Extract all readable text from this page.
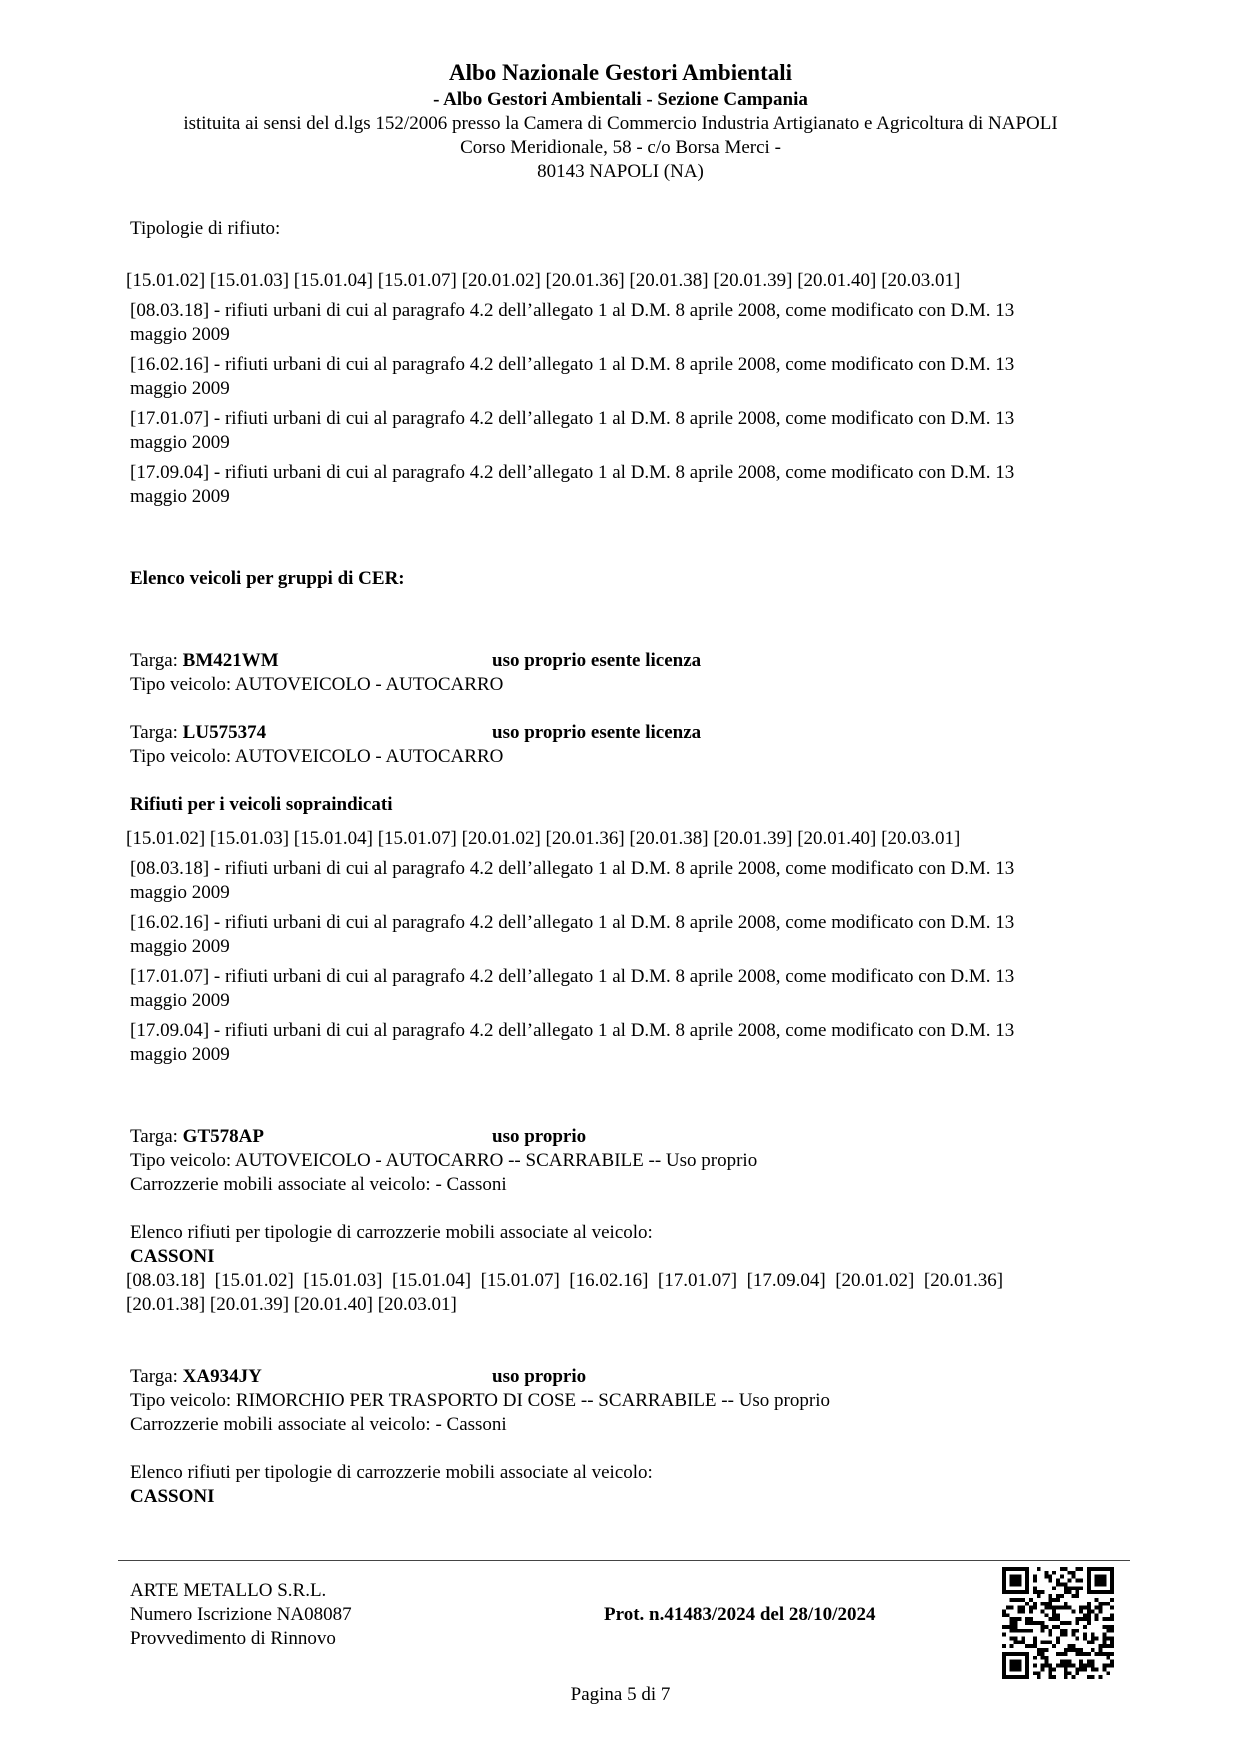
Albo Nazionale Gestori Ambientali
- Albo Gestori Ambientali - Sezione Campania
istituita ai sensi del d.lgs 152/2006 presso la Camera di Commercio Industria Artigianato e Agricoltura di NAPOLI
Corso Meridionale, 58 - c/o Borsa Merci -
80143 NAPOLI (NA)

Tipologie di rifiuto:

[15.01.02] [15.01.03] [15.01.04] [15.01.07] [20.01.02] [20.01.36] [20.01.38] [20.01.39] [20.01.40] [20.03.01]

[08.03.18] - rifiuti urbani di cui al paragrafo 4.2 dell’allegato 1 al D.M. 8 aprile 2008, come modificato con D.M. 13
maggio 2009
[16.02.16] - rifiuti urbani di cui al paragrafo 4.2 dell’allegato 1 al D.M. 8 aprile 2008, come modificato con D.M. 13
maggio 2009
[17.01.07] - rifiuti urbani di cui al paragrafo 4.2 dell’allegato 1 al D.M. 8 aprile 2008, come modificato con D.M. 13
maggio 2009
[17.09.04] - rifiuti urbani di cui al paragrafo 4.2 dell’allegato 1 al D.M. 8 aprile 2008, come modificato con D.M. 13
maggio 2009

Elenco veicoli per gruppi di CER:

Targa: BM421WM	uso proprio esente licenza
Tipo veicolo: AUTOVEICOLO - AUTOCARRO
Targa: LU575374	uso proprio esente licenza
Tipo veicolo: AUTOVEICOLO - AUTOCARRO

Rifiuti per i veicoli sopraindicati

[15.01.02] [15.01.03] [15.01.04] [15.01.07] [20.01.02] [20.01.36] [20.01.38] [20.01.39] [20.01.40] [20.03.01]

[08.03.18] - rifiuti urbani di cui al paragrafo 4.2 dell’allegato 1 al D.M. 8 aprile 2008, come modificato con D.M. 13
maggio 2009
[16.02.16] - rifiuti urbani di cui al paragrafo 4.2 dell’allegato 1 al D.M. 8 aprile 2008, come modificato con D.M. 13
maggio 2009
[17.01.07] - rifiuti urbani di cui al paragrafo 4.2 dell’allegato 1 al D.M. 8 aprile 2008, come modificato con D.M. 13
maggio 2009
[17.09.04] - rifiuti urbani di cui al paragrafo 4.2 dell’allegato 1 al D.M. 8 aprile 2008, come modificato con D.M. 13
maggio 2009
Targa: GT578AP	uso proprio
Tipo veicolo: AUTOVEICOLO - AUTOCARRO -- SCARRABILE -- Uso proprio
Carrozzerie mobili associate al veicolo: - Cassoni
Elenco rifiuti per tipologie di carrozzerie mobili associate al veicolo:
CASSONI
[08.03.18]  [15.01.02]  [15.01.03]  [15.01.04]  [15.01.07]  [16.02.16]  [17.01.07]  [17.09.04]  [20.01.02]  [20.01.36]
[20.01.38] [20.01.39] [20.01.40] [20.03.01]
Targa: XA934JY	uso proprio
Tipo veicolo: RIMORCHIO PER TRASPORTO DI COSE -- SCARRABILE -- Uso proprio
Carrozzerie mobili associate al veicolo: - Cassoni
Elenco rifiuti per tipologie di carrozzerie mobili associate al veicolo:
CASSONI
ARTE METALLO S.R.L.
Numero Iscrizione NA08087
Provvedimento di Rinnovo
Prot. n.41483/2024 del 28/10/2024
Pagina 5 di 7
